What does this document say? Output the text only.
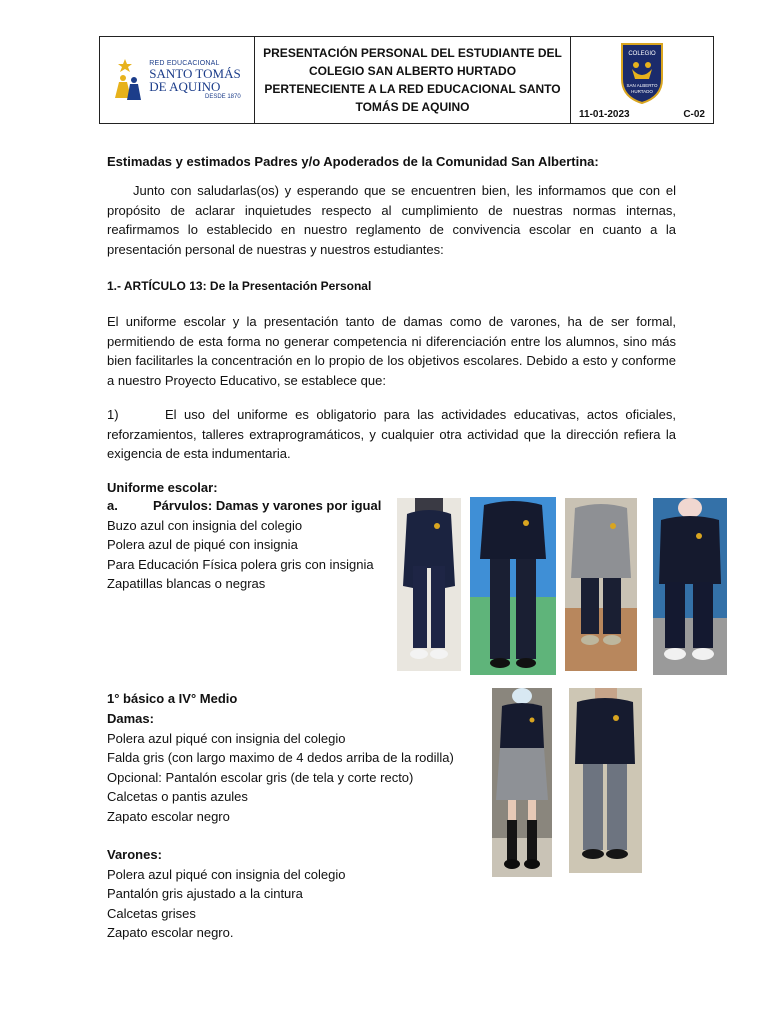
RED EDUCACIONAL
SANTO TOMÁS
DE AQUINO
DESDE 1870
PRESENTACIÓN PERSONAL DEL ESTUDIANTE DEL COLEGIO SAN ALBERTO HURTADO PERTENECIENTE A LA RED EDUCACIONAL SANTO TOMÁS DE AQUINO
COLEGIO
SAN ALBERTO
HURTADO
11-01-2023	C-02
Estimadas y estimados Padres y/o Apoderados de la Comunidad San Albertina:
Junto con saludarlas(os) y esperando que se encuentren bien, les informamos que con el propósito de aclarar inquietudes respecto al cumplimiento de nuestras normas internas, reafirmamos lo establecido en nuestro reglamento de convivencia escolar en cuanto a la presentación personal de nuestras y nuestros estudiantes:
1.- ARTÍCULO 13: De la Presentación Personal
El uniforme escolar y la presentación tanto de damas como de varones, ha de ser formal, permitiendo de esta forma no generar competencia ni diferenciación entre los alumnos, sino más bien facilitarles la concentración en lo propio de los objetivos escolares. Debido a esto y conforme a nuestro Proyecto Educativo, se establece que:
1)	El uso del uniforme es obligatorio para las actividades educativas, actos oficiales, reforzamientos, talleres extraprogramáticos, y cualquier otra actividad que la dirección refiera la exigencia de esta indumentaria.
Uniforme escolar:
a.	Párvulos: Damas y varones por igual
Buzo azul con insignia del colegio
Polera azul de piqué con insignia
Para Educación Física polera gris con insignia
Zapatillas blancas o negras
1° básico a IV° Medio
Damas:
Polera azul piqué con insignia del colegio
Falda gris (con largo maximo de 4 dedos arriba de la rodilla)
Opcional: Pantalón escolar gris (de tela y corte recto)
Calcetas o pantis azules
Zapato escolar negro
Varones:
Polera azul piqué con insignia del colegio
Pantalón gris ajustado a la cintura
Calcetas grises
Zapato escolar negro.
